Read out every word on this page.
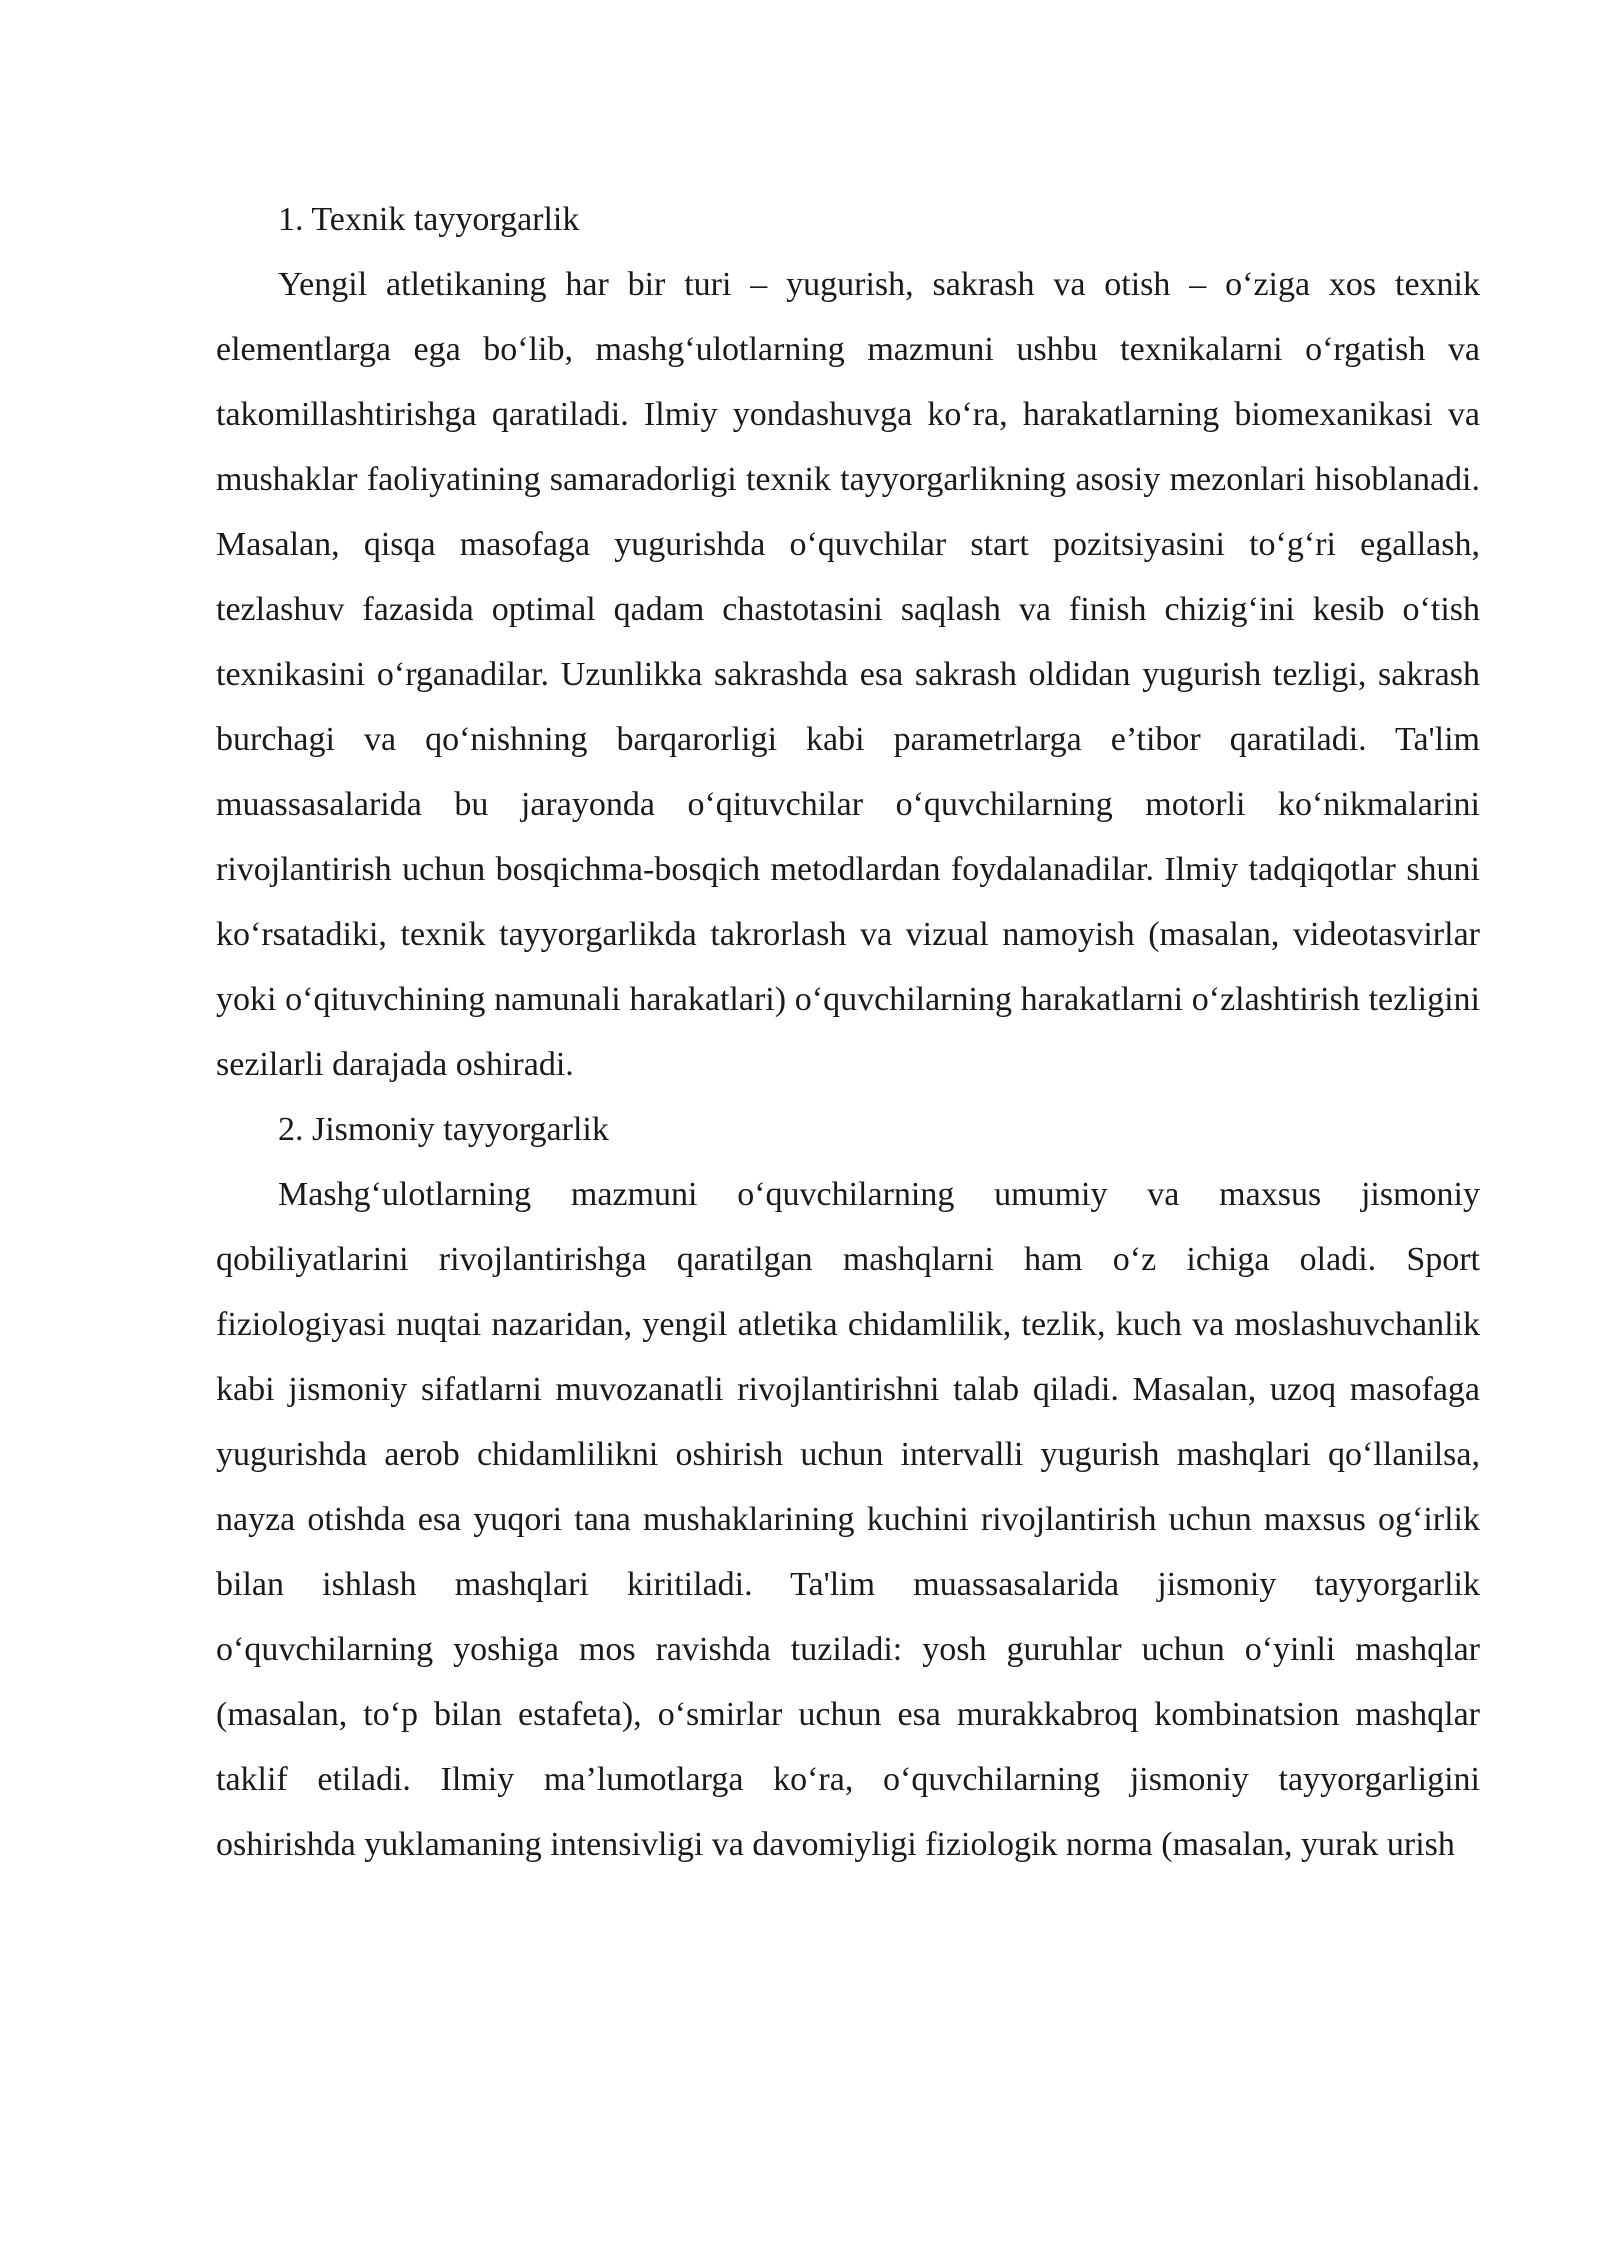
1. Texnik tayyorgarlik

Yengil atletikaning har bir turi – yugurish, sakrash va otish – o‘ziga xos texnik elementlarga ega bo‘lib, mashg‘ulotlarning mazmuni ushbu texnikalarni o‘rgatish va takomillashtirishga qaratiladi. Ilmiy yondashuvga ko‘ra, harakatlarning biomexanikasi va mushaklar faoliyatining samaradorligi texnik tayyorgarlikning asosiy mezonlari hisoblanadi. Masalan, qisqa masofaga yugurishda o‘quvchilar start pozitsiyasini to‘g‘ri egallash, tezlashuv fazasida optimal qadam chastotasini saqlash va finish chizig‘ini kesib o‘tish texnikasini o‘rganadilar. Uzunlikka sakrashda esa sakrash oldidan yugurish tezligi, sakrash burchagi va qo‘nishning barqarorligi kabi parametrlarga e’tibor qaratiladi. Ta'lim muassasalarida bu jarayonda o‘qituvchilar o‘quvchilarning motorli ko‘nikmalarini rivojlantirish uchun bosqichma-bosqich metodlardan foydalanadilar. Ilmiy tadqiqotlar shuni ko‘rsatadiki, texnik tayyorgarlikda takrorlash va vizual namoyish (masalan, videotasvirlar yoki o‘qituvchining namunali harakatlari) o‘quvchilarning harakatlarni o‘zlashtirish tezligini sezilarli darajada oshiradi.

2. Jismoniy tayyorgarlik

Mashg‘ulotlarning mazmuni o‘quvchilarning umumiy va maxsus jismoniy qobiliyatlarini rivojlantirishga qaratilgan mashqlarni ham o‘z ichiga oladi. Sport fiziologiyasi nuqtai nazaridan, yengil atletika chidamlilik, tezlik, kuch va moslashuvchanlik kabi jismoniy sifatlarni muvozanatli rivojlantirishni talab qiladi. Masalan, uzoq masofaga yugurishda aerob chidamlilikni oshirish uchun intervalli yugurish mashqlari qo‘llanilsa, nayza otishda esa yuqori tana mushaklarining kuchini rivojlantirish uchun maxsus og‘irlik bilan ishlash mashqlari kiritiladi. Ta'lim muassasalarida jismoniy tayyorgarlik o‘quvchilarning yoshiga mos ravishda tuziladi: yosh guruhlar uchun o‘yinli mashqlar (masalan, to‘p bilan estafeta), o‘smirlar uchun esa murakkabroq kombinatsion mashqlar taklif etiladi. Ilmiy ma’lumotlarga ko‘ra, o‘quvchilarning jismoniy tayyorgarligini oshirishda yuklamaning intensivligi va davomiyligi fiziologik norma (masalan, yurak urish
